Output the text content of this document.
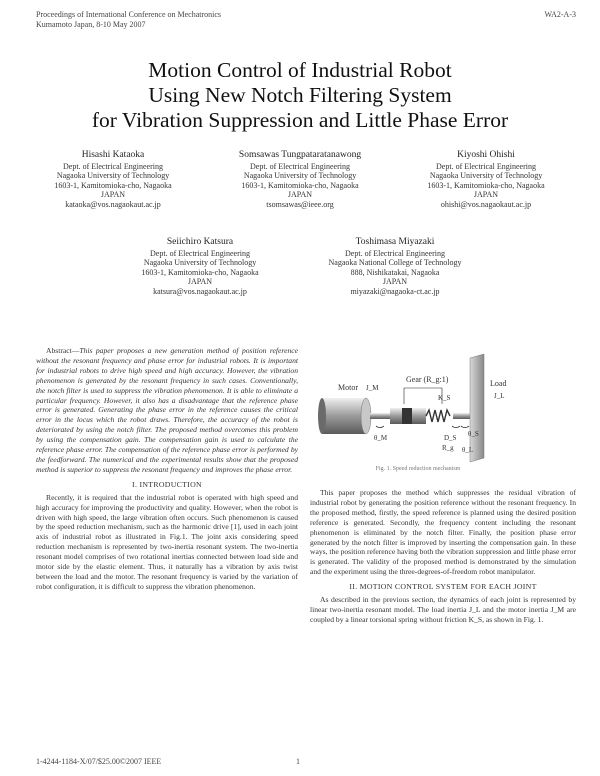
Proceedings of International Conference on Mechatronics
Kumamoto Japan, 8-10 May 2007
WA2-A-3
Motion Control of Industrial Robot
Using New Notch Filtering System
for Vibration Suppression and Little Phase Error
Hisashi Kataoka
Dept. of Electrical Engineering
Nagaoka University of Technology
1603-1, Kamitomioka-cho, Nagaoka
JAPAN
kataoka@vos.nagaokaut.ac.jp
Somsawas Tungpataratanawong
Dept. of Electrical Engineering
Nagaoka University of Technology
1603-1, Kamitomioka-cho, Nagaoka
JAPAN
tsomsawas@ieee.org
Kiyoshi Ohishi
Dept. of Electrical Engineering
Nagaoka University of Technology
1603-1, Kamitomioka-cho, Nagaoka
JAPAN
ohishi@vos.nagaokaut.ac.jp
Seiichiro Katsura
Dept. of Electrical Engineering
Nagaoka University of Technology
1603-1, Kamitomioka-cho, Nagaoka
JAPAN
katsura@vos.nagaokaut.ac.jp
Toshimasa Miyazaki
Dept. of Electrical Engineering
Nagaoka National College of Technology
888, Nishikatakai, Nagaoka
JAPAN
miyazaki@nagaoka-ct.ac.jp

Abstract—This paper proposes a new generation method of position reference without the resonant frequency and phase error for industrial robots. It is important for industrial robots to drive high speed and high accuracy. However, the vibration phenomenon is generated by the resonant frequency in such cases. Conventionally, the notch filter is used to suppress the vibration phenomenon. It is able to eliminate a particular frequency. However, it also has a disadvantage that the reference phase error is generated. Generating the phase error in the reference causes the critical error in the locus which the robot draws. Therefore, the accuracy of the robot is deteriorated by using the notch filter. The proposed method overcomes this problem by using the compensation gain. The compensation gain is used to calculate the reference phase error. The compensation of the reference phase error is performed by the feedforward. The numerical and the experimental results show that the proposed method is superior to suppress the resonant frequency and improves the phase error.

I. INTRODUCTION

Recently, it is required that the industrial robot is operated with high speed and high accuracy for improving the productivity and quality. However, when the robot is driven with high speed, the large vibration often occurs. Such phenomenon is caused by the speed reduction mechanism, such as the harmonic drive [1], used in each joint axis of industrial robot as illustrated in Fig.1. The joint axis considering speed reduction mechanism is represented by two-inertia resonant system. The two-inertia resonant model comprises of two rotational inertias connected between load side and motor side by the elastic element. Thus, it naturally has a vibration by axis twist between the load and the motor. The resonant frequency is varied by the variation of robot configuration, it is difficult to suppress the vibration phenomenon.

Motor J_M
Gear (R_g:1)	Load
J_L
K_S
θ_M	D_S θ_S
R_g θ_L
Fig. 1. Speed reduction mechanism

This paper proposes the method which suppresses the residual vibration of industrial robot by generating the position reference without the resonant frequency. In the proposed method, firstly, the speed reference is planned using the desired position reference is generated. Secondly, the frequency content including the resonant phenomenon is eliminated by the notch filter. Finally, the position phase error generated by the notch filter is improved by inserting the compensation gain. In these ways, the position reference having both the vibration suppression and little phase error is generated. The validity of the proposed method is demonstrated by the simulation and the experiment using the three-degrees-of-freedom robot manipulator.

II. MOTION CONTROL SYSTEM FOR EACH JOINT

As described in the previous section, the dynamics of each joint is represented by linear two-inertia resonant model. The load inertia J_L and the motor inertia J_M are coupled by a linear torsional spring without friction K_S, as shown in Fig. 1.

1-4244-1184-X/07/$25.00©2007 IEEE	1
